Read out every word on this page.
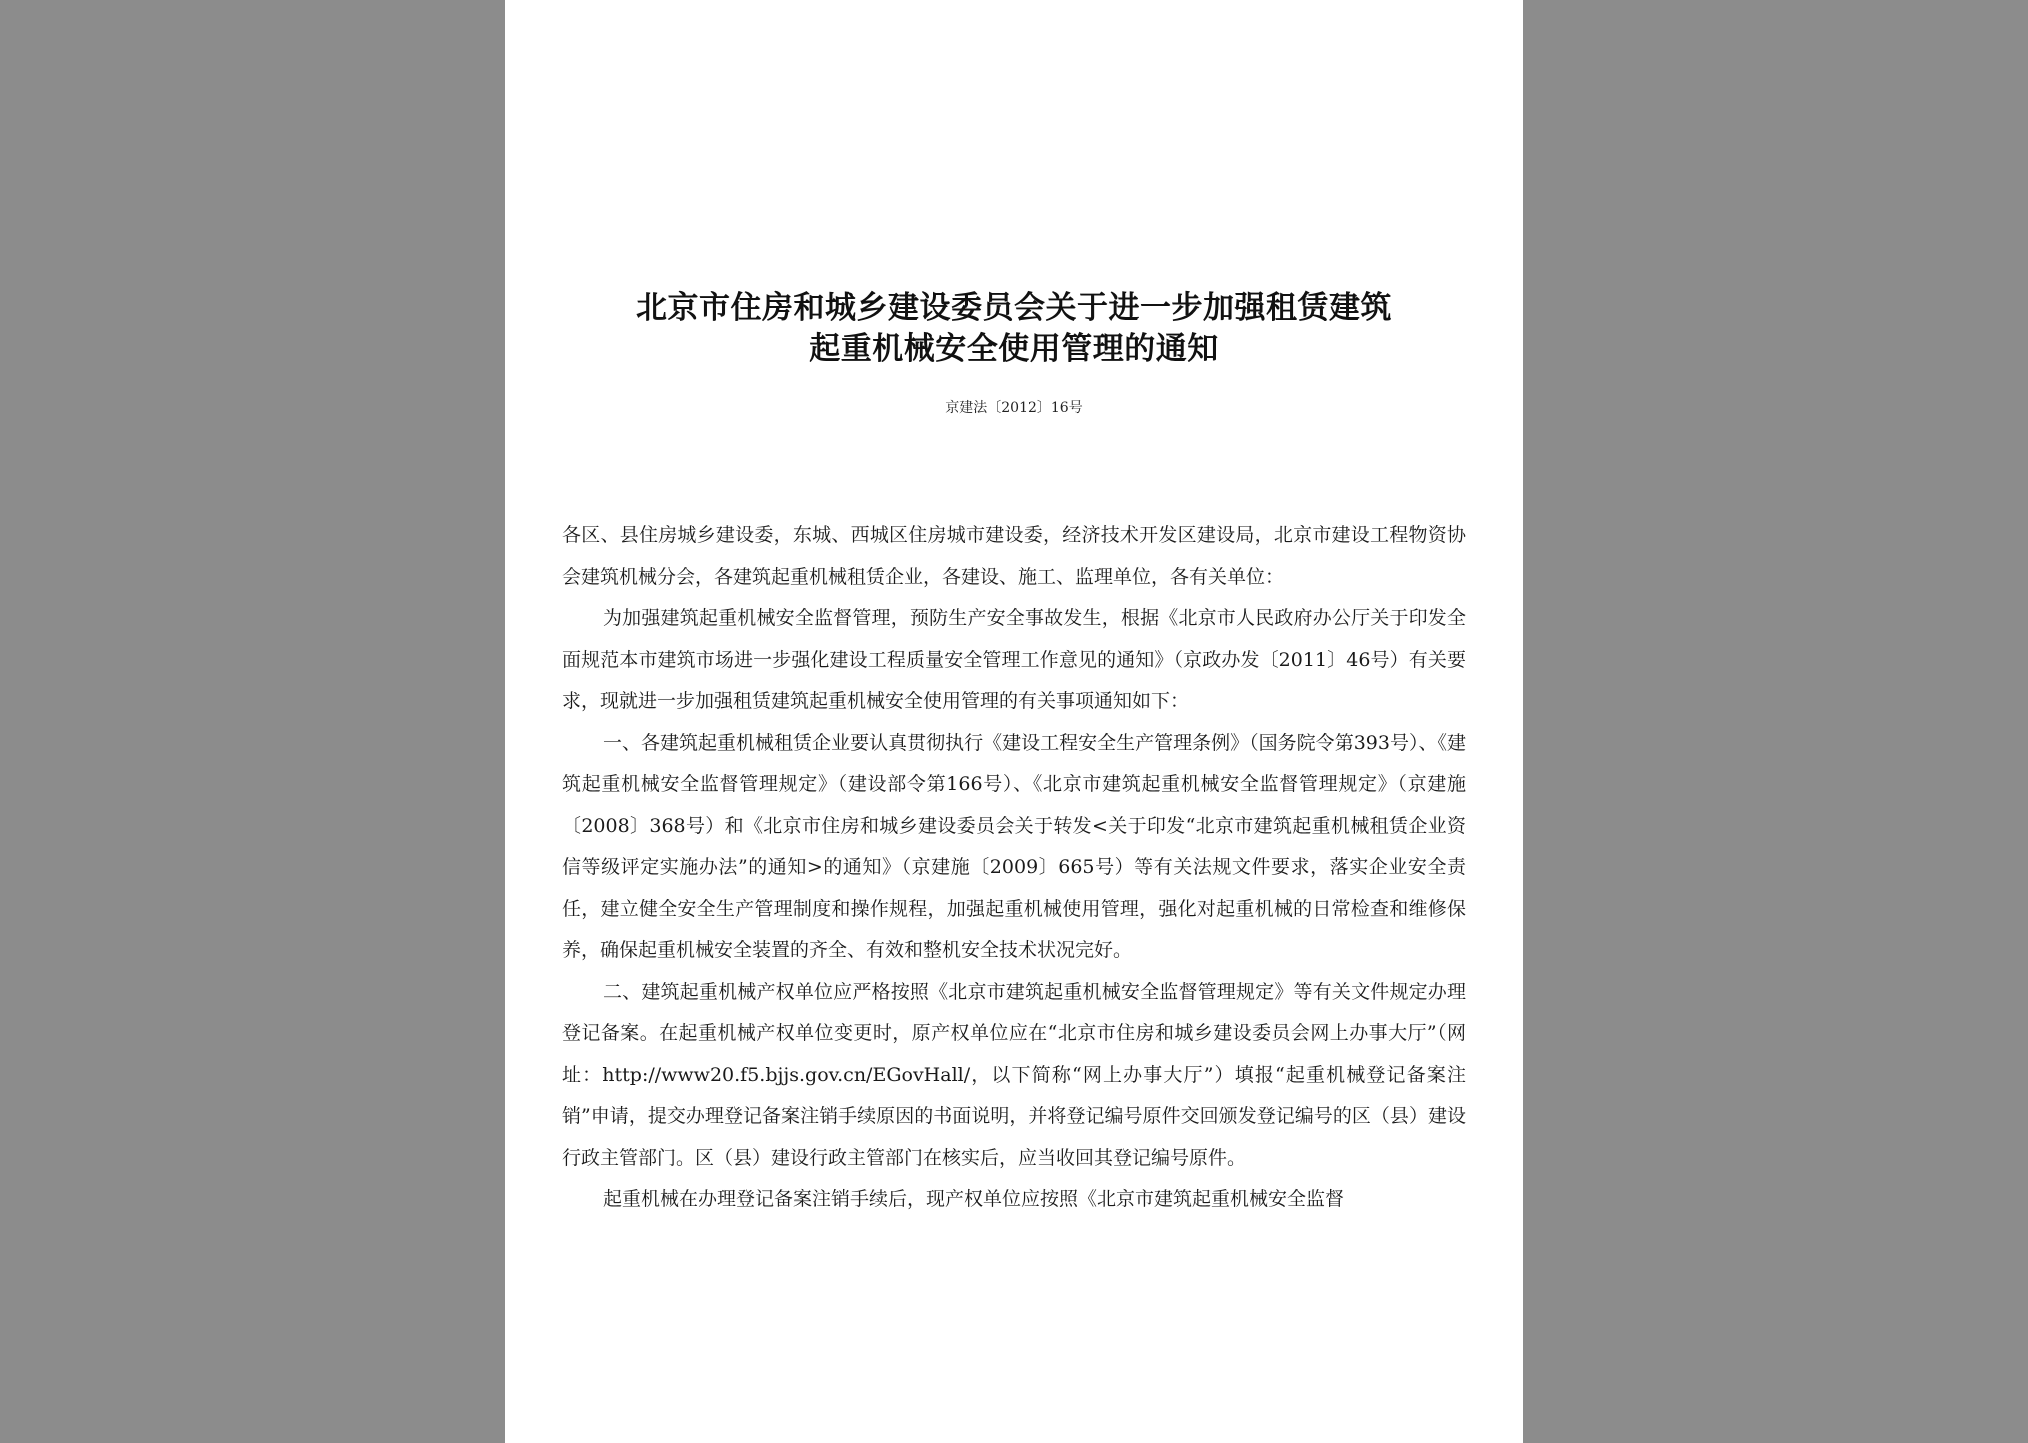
北京市住房和城乡建设委员会关于进一步加强租赁建筑
起重机械安全使用管理的通知
京建法〔2012〕16号

各区、县住房城乡建设委，东城、西城区住房城市建设委，经济技术开发区建设局，北京市建设工程物资协会建筑机械分会，各建筑起重机械租赁企业，各建设、施工、监理单位，各有关单位：

为加强建筑起重机械安全监督管理，预防生产安全事故发生，根据《北京市人民政府办公厅关于印发全面规范本市建筑市场进一步强化建设工程质量安全管理工作意见的通知》（京政办发〔2011〕46号）有关要求，现就进一步加强租赁建筑起重机械安全使用管理的有关事项通知如下：

一、各建筑起重机械租赁企业要认真贯彻执行《建设工程安全生产管理条例》（国务院令第393号）、《建筑起重机械安全监督管理规定》（建设部令第166号）、《北京市建筑起重机械安全监督管理规定》（京建施〔2008〕368号）和《北京市住房和城乡建设委员会关于转发<关于印发“北京市建筑起重机械租赁企业资信等级评定实施办法”的通知>的通知》（京建施〔2009〕665号）等有关法规文件要求，落实企业安全责任，建立健全安全生产管理制度和操作规程，加强起重机械使用管理，强化对起重机械的日常检查和维修保养，确保起重机械安全装置的齐全、有效和整机安全技术状况完好。

二、建筑起重机械产权单位应严格按照《北京市建筑起重机械安全监督管理规定》等有关文件规定办理登记备案。在起重机械产权单位变更时，原产权单位应在“北京市住房和城乡建设委员会网上办事大厅”（网址：http://www20.f5.bjjs.gov.cn/EGovHall/，以下简称“网上办事大厅”）填报“起重机械登记备案注销”申请，提交办理登记备案注销手续原因的书面说明，并将登记编号原件交回颁发登记编号的区（县）建设行政主管部门。区（县）建设行政主管部门在核实后，应当收回其登记编号原件。

起重机械在办理登记备案注销手续后，现产权单位应按照《北京市建筑起重机械安全监督
